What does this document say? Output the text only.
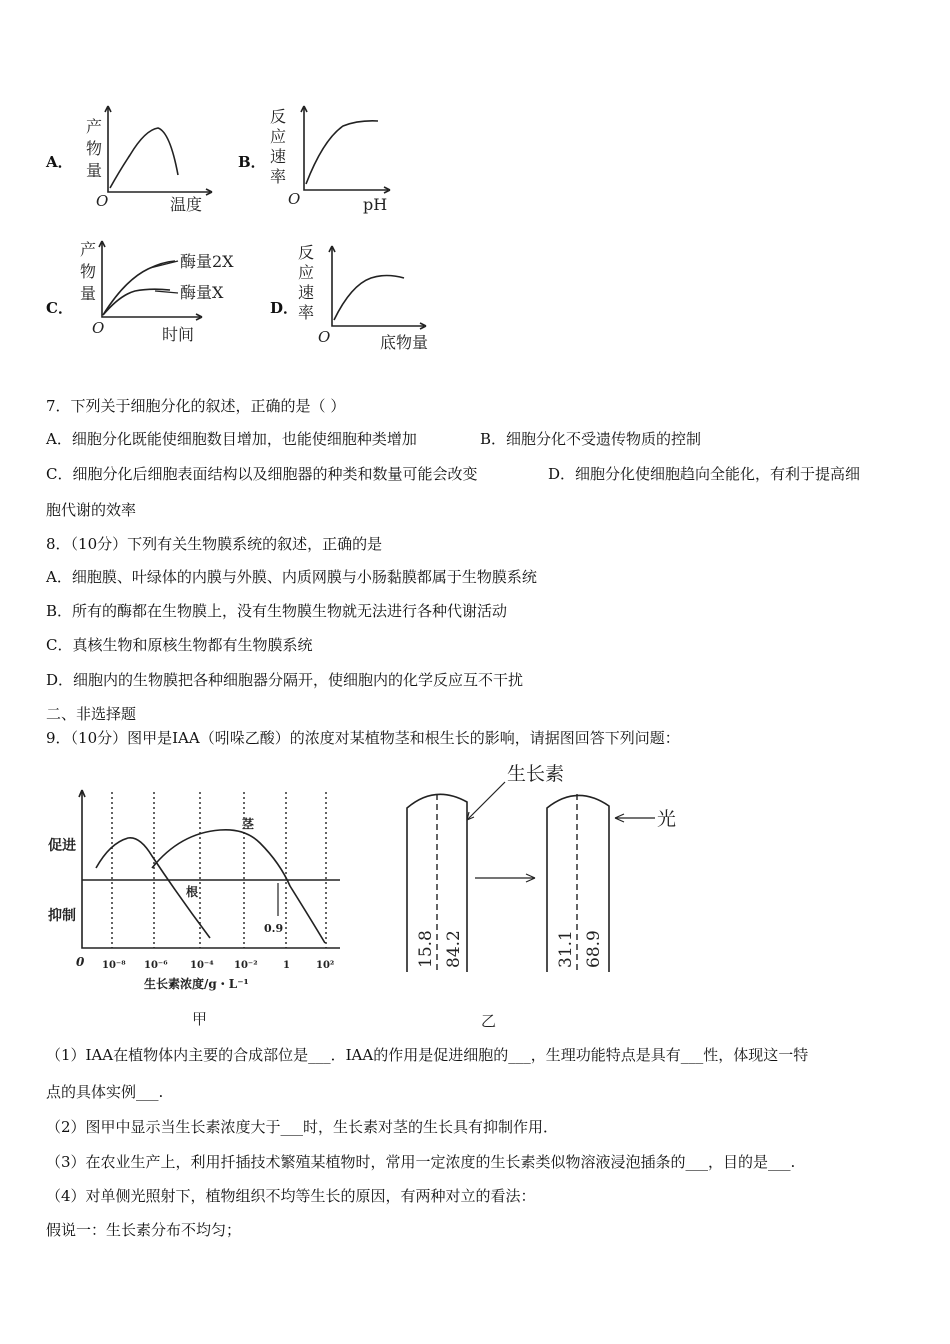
A．
产
物
量
O	温度
B．
反
应
速
率
O	pH
C．
产
物
量
酶量2X
酶量X
O	时间
D．
反
应
速
率
O	底物量
7．下列关于细胞分化的叙述，正确的是（ ）
A．细胞分化既能使细胞数目增加，也能使细胞种类增加	B．细胞分化不受遗传物质的控制
C．细胞分化后细胞表面结构以及细胞器的种类和数量可能会改变	D．细胞分化使细胞趋向全能化，有利于提高细
胞代谢的效率
8．（10分）下列有关生物膜系统的叙述，正确的是
A．细胞膜、叶绿体的内膜与外膜、内质网膜与小肠黏膜都属于生物膜系统
B．所有的酶都在生物膜上，没有生物膜生物就无法进行各种代谢活动
C．真核生物和原核生物都有生物膜系统
D．细胞内的生物膜把各种细胞器分隔开，使细胞内的化学反应互不干扰
二、非选择题
9．（10分）图甲是IAA（吲哚乙酸）的浓度对某植物茎和根生长的影响，请据图回答下列问题：
促进
抑制
茎
根
0.9
0 10⁻⁸ 10⁻⁶ 10⁻⁴ 10⁻²	1	10²
生长素浓度/g・L⁻¹
甲
生长素
15.8 84.2	31.1 68.9
光
乙
（1）IAA在植物体内主要的合成部位是___．IAA的作用是促进细胞的___，生理功能特点是具有___性，体现这一特
点的具体实例___.
（2）图甲中显示当生长素浓度大于___时，生长素对茎的生长具有抑制作用．
（3）在农业生产上，利用扦插技术繁殖某植物时，常用一定浓度的生长素类似物溶液浸泡插条的___，目的是___.
（4）对单侧光照射下，植物组织不均等生长的原因，有两种对立的看法：
假说一：生长素分布不均匀；
